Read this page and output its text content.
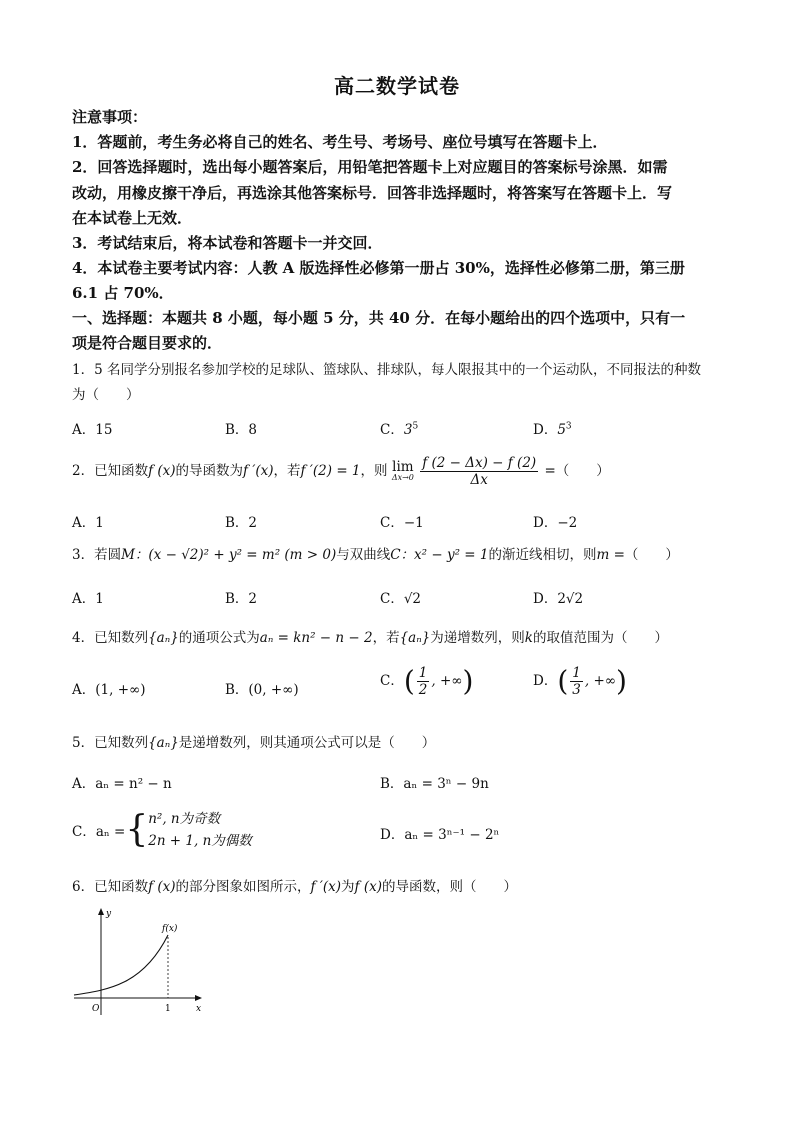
高二数学试卷
注意事项：
1．答题前，考生务必将自己的姓名、考生号、考场号、座位号填写在答题卡上．
2．回答选择题时，选出每小题答案后，用铅笔把答题卡上对应题目的答案标号涂黑．如需
改动，用橡皮擦干净后，再选涂其他答案标号．回答非选择题时，将答案写在答题卡上．写
在本试卷上无效．
3．考试结束后，将本试卷和答题卡一并交回．
4．本试卷主要考试内容：人教 A 版选择性必修第一册占 30%，选择性必修第二册，第三册
6.1 占 70%．
一、选择题：本题共 8 小题，每小题 5 分，共 40 分．在每小题给出的四个选项中，只有一
项是符合题目要求的．
1．5 名同学分别报名参加学校的足球队、篮球队、排球队，每人限报其中的一个运动队，不同报法的种数
为（　　）
A．15	B．8	C．$3^5$	D．$5^3$
2．已知函数f (x)的导函数为f ′(x)，若f ′(2) = 1，则 lim
Δx→0
$\frac{f (2 - \Delta x) - f (2)}{\Delta x}$ =（　　）
A．1	B．2	C．−1	D．−2
3．若圆M：(x − √2)² + y² = m² (m > 0)与双曲线C：x² − y² = 1的渐近线相切，则m =（　　）
A．1	B．2	C．√2	D．2√2
4．已知数列{aₙ}的通项公式为aₙ = kn² − n − 2，若{aₙ}为递增数列，则k的取值范围为（　　）
A．(1, +∞)	B．(0, +∞)
C．( $\frac{1}{2}$ , +∞)	D．( $\frac{1}{3}$ , +∞)
5．已知数列{aₙ}是递增数列，则其通项公式可以是（　　）
A．aₙ = n² − n	B．aₙ = 3ⁿ − 9n
C．aₙ ={ n², n为奇数
2n + 1, n为偶数	D．aₙ = 3ⁿ⁻¹ − 2ⁿ
6．已知函数f (x)的部分图象如图所示，f ′(x)为f (x)的导函数，则（　　）
y
x
O	1
f(x)
